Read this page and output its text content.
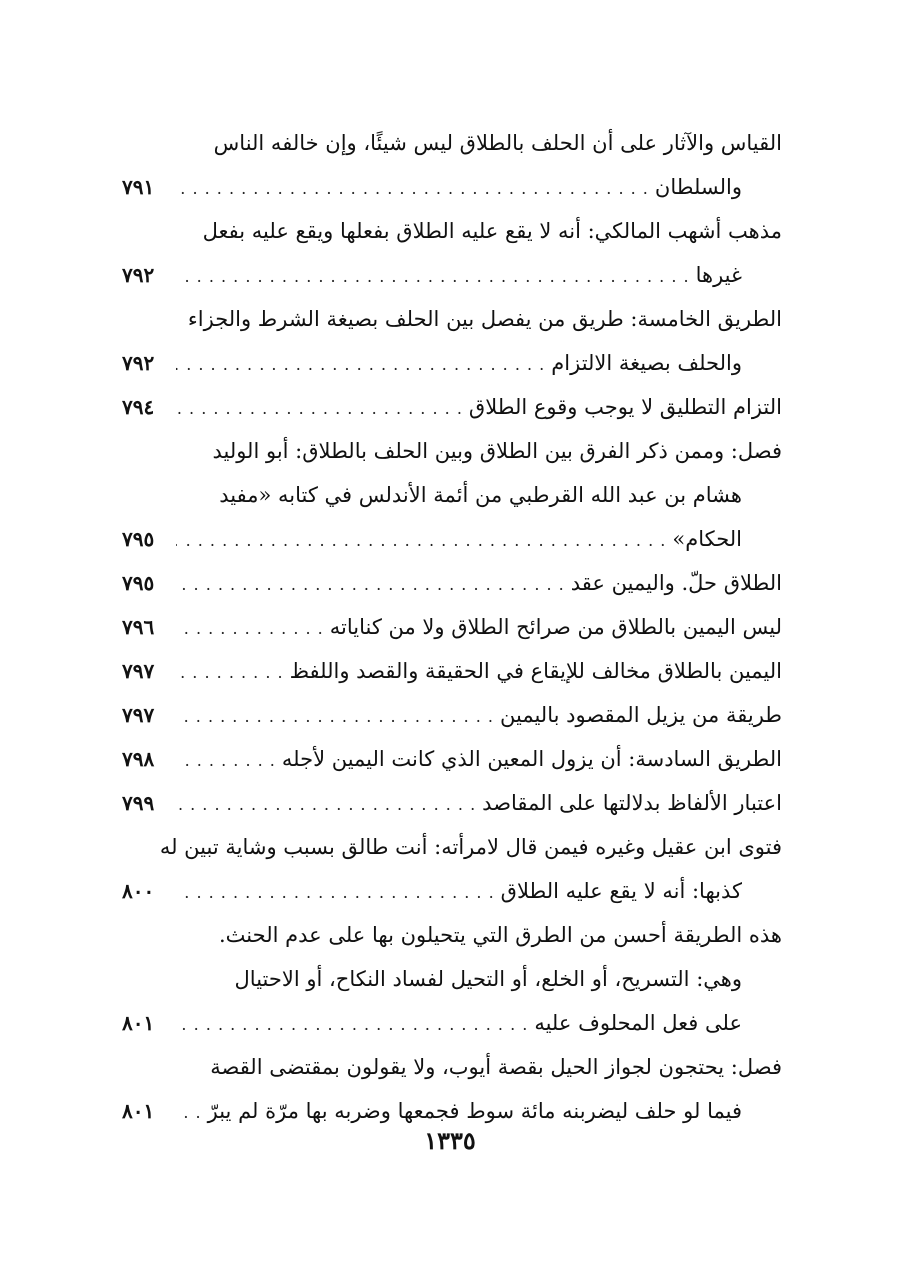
القياس والآثار على أن الحلف بالطلاق ليس شيئًا، وإن خالفه الناس
والسلطان
. . .
٧٩١
مذهب أشهب المالكي: أنه لا يقع عليه الطلاق بفعلها ويقع عليه بفعل
غيرها
. . .
٧٩٢
الطريق الخامسة: طريق من يفصل بين الحلف بصيغة الشرط والجزاء
والحلف بصيغة الالتزام
. . .
٧٩٢
التزام التطليق لا يوجب وقوع الطلاق
. . .
٧٩٤
فصل: وممن ذكر الفرق بين الطلاق وبين الحلف بالطلاق: أبو الوليد
هشام بن عبد الله القرطبي من أئمة الأندلس في كتابه «مفيد
الحكام»
. . .
٧٩٥
الطلاق حلّ. واليمين عقد
. . .
٧٩٥
ليس اليمين بالطلاق من صرائح الطلاق ولا من كناياته
. . .
٧٩٦
اليمين بالطلاق مخالف للإيقاع في الحقيقة والقصد واللفظ
. . .
٧٩٧
طريقة من يزيل المقصود باليمين
. . .
٧٩٧
الطريق السادسة: أن يزول المعين الذي كانت اليمين لأجله
. . .
٧٩٨
اعتبار الألفاظ بدلالتها على المقاصد
. . .
٧٩٩
فتوى ابن عقيل وغيره فيمن قال لامرأته: أنت طالق بسبب وشاية تبين له
كذبها: أنه لا يقع عليه الطلاق
. . .
٨٠٠
هذه الطريقة أحسن من الطرق التي يتحيلون بها على عدم الحنث.
وهي: التسريح، أو الخلع، أو التحيل لفساد النكاح، أو الاحتيال
على فعل المحلوف عليه
. . .
٨٠١
فصل: يحتجون لجواز الحيل بقصة أيوب، ولا يقولون بمقتضى القصة
فيما لو حلف ليضربنه مائة سوط فجمعها وضربه بها مرّة لم يبرّ
. . .
٨٠١
١٣٣٥
